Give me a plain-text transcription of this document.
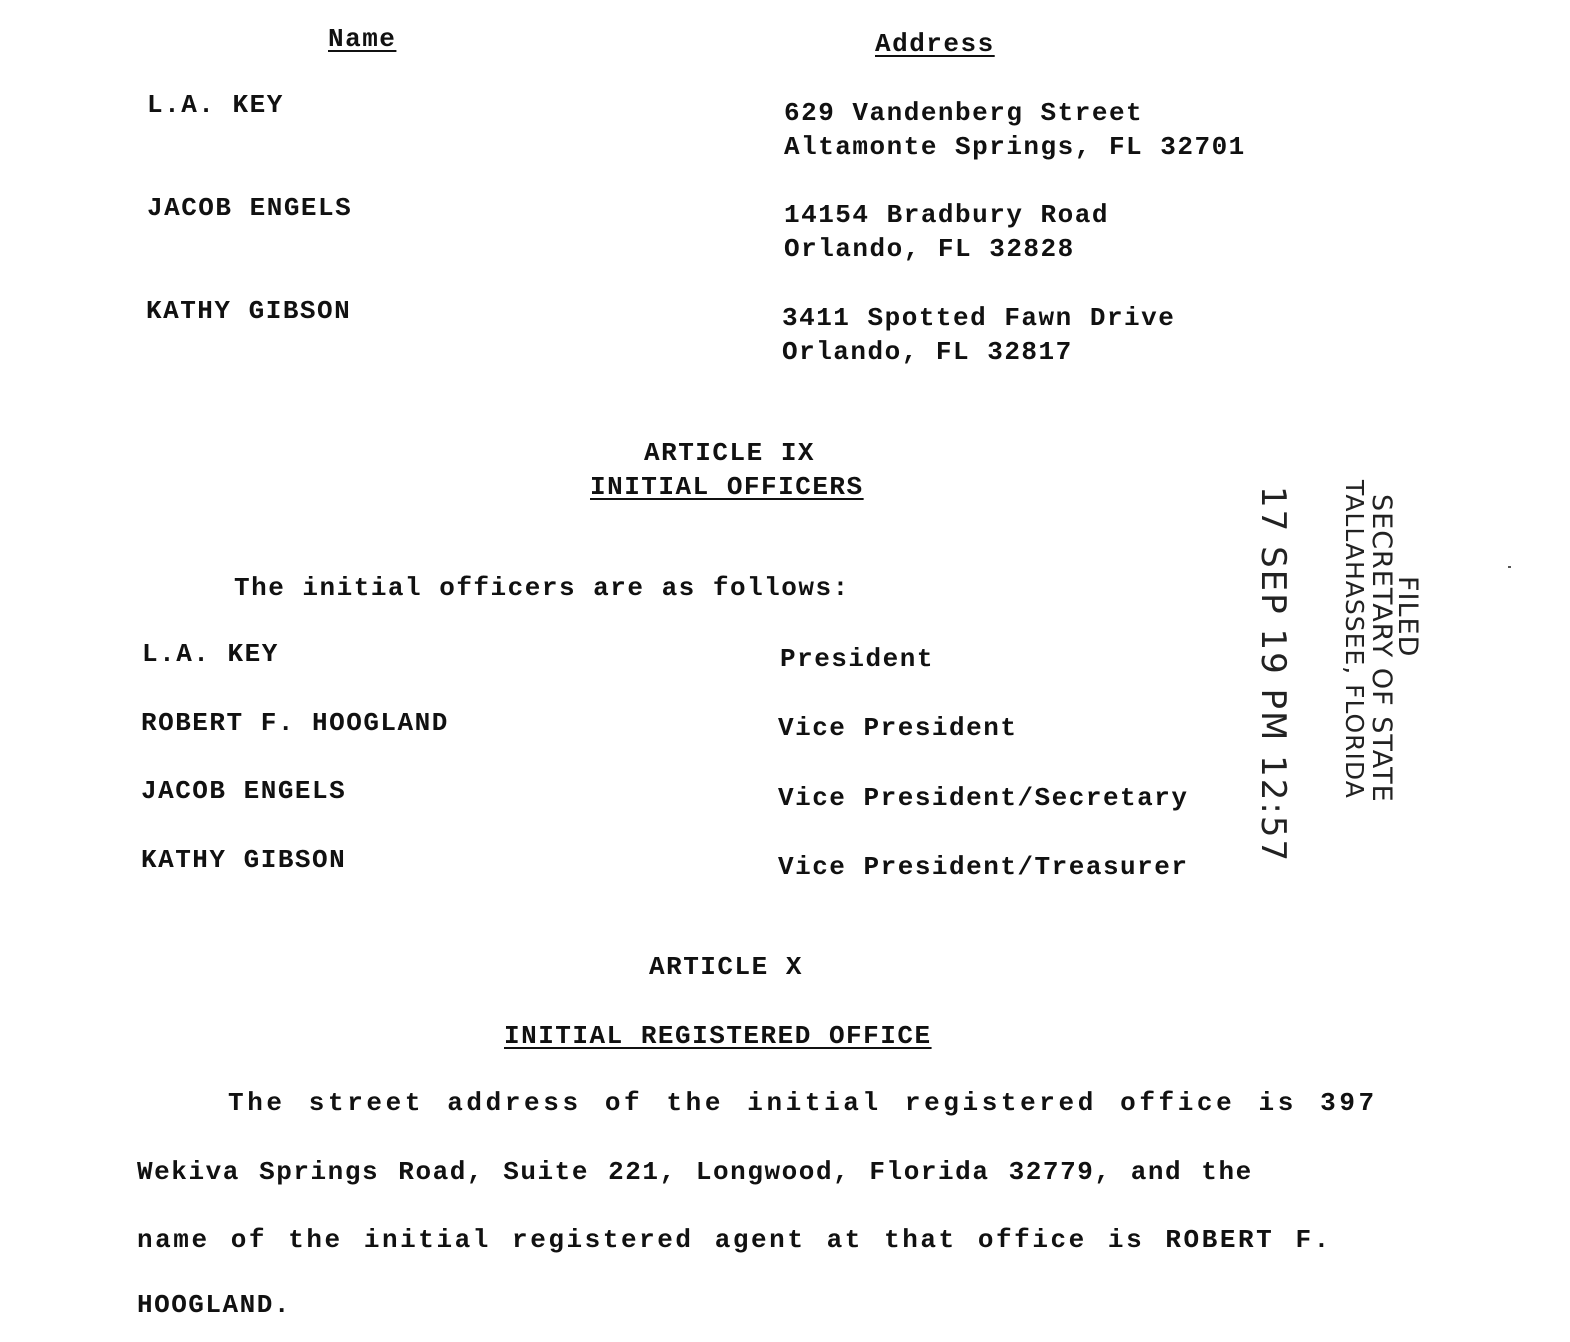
Name	Address
L.A. KEY	629 Vandenberg Street
Altamonte Springs, FL 32701
JACOB ENGELS	14154 Bradbury Road
Orlando, FL 32828
KATHY GIBSON	3411 Spotted Fawn Drive
Orlando, FL 32817
ARTICLE IX
INITIAL OFFICERS
The initial officers are as follows:
L.A. KEY	President
ROBERT F. HOOGLAND	Vice President
JACOB ENGELS	Vice President/Secretary
KATHY GIBSON	Vice President/Treasurer
ARTICLE X
INITIAL REGISTERED OFFICE
The street address of the initial registered office is 397
Wekiva Springs Road, Suite 221, Longwood, Florida 32779, and the
name of the initial registered agent at that office is ROBERT F.
HOOGLAND.
17 SEP 19 PM 12:57	FILED
SECRETARY OF STATE
TALLAHASSEE, FLORIDA
